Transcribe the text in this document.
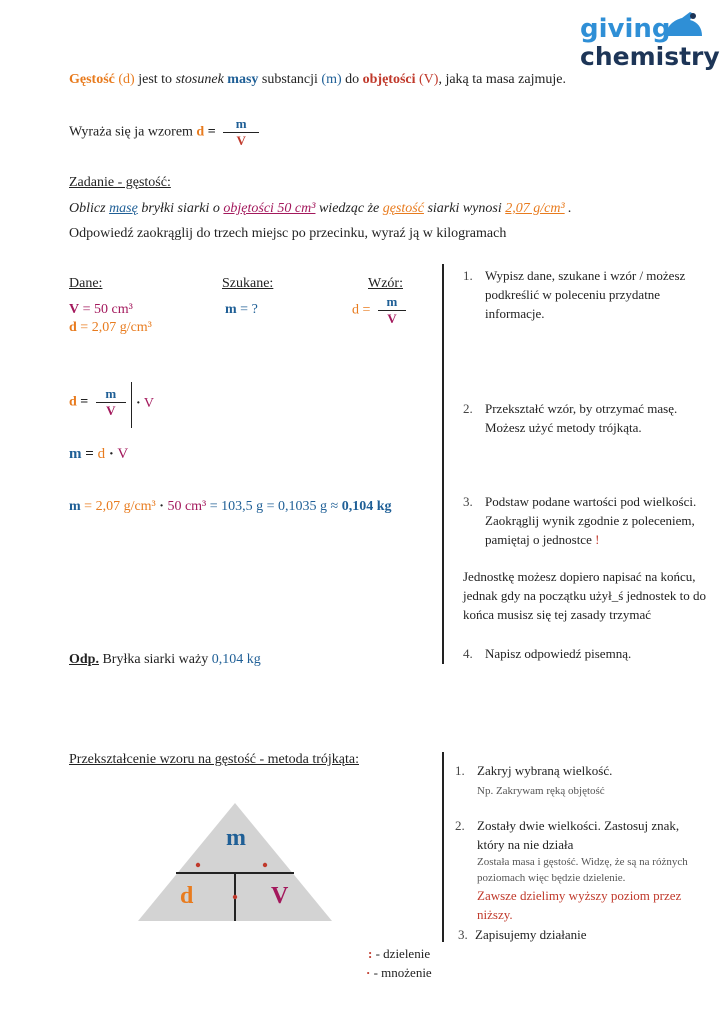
giving
chemistry
Gęstość (d) jest to stosunek masy substancji (m) do objętości (V), jaką ta masa zajmuje.
Wyraża się ja wzorem $d = \frac{m}{V}$
Zadanie - gęstość:
Oblicz masę bryłki siarki o objętości 50 cm³ wiedząc że gęstość siarki wynosi 2,07 g/cm³ .
Odpowiedź zaokrąglij do trzech miejsc po przecinku, wyraź ją w kilogramach
Dane:	Szukane:	Wzór:
V = 50 cm³
d = 2,07 g/cm³
m = ?	$d = \frac{m}{V}$
$d = \frac{m}{V} \cdot V$
m = d · V
m = 2,07 g/cm³ · 50 cm³ = 103,5 g = 0,1035 g ≈ 0,104 kg
Odp. Bryłka siarki waży 0,104 kg
1. Wypisz dane, szukane i wzór / możesz podkreślić w poleceniu przydatne informacje.
2. Przekształć wzór, by otrzymać masę. Możesz użyć metody trójkąta.
3. Podstaw podane wartości pod wielkości. Zaokrąglij wynik zgodnie z poleceniem, pamiętaj o jednostce !
Jednostkę możesz dopiero napisać na końcu, jednak gdy na początku użył_ś jednostek to do końca musisz się tej zasady trzymać
4. Napisz odpowiedź pisemną.
Przekształcenie wzoru na gęstość - metoda trójkąta:
m
d	V
: - dzielenie
· - mnożenie
1. Zakryj wybraną wielkość.
Np. Zakrywam ręką objętość
2. Zostały dwie wielkości. Zastosuj znak, który na nie działa

Została masa i gęstość. Widzę, że są na różnych poziomach więc będzie dzielenie.
Zawsze dzielimy wyższy poziom przez niższy.
3. Zapisujemy działanie
